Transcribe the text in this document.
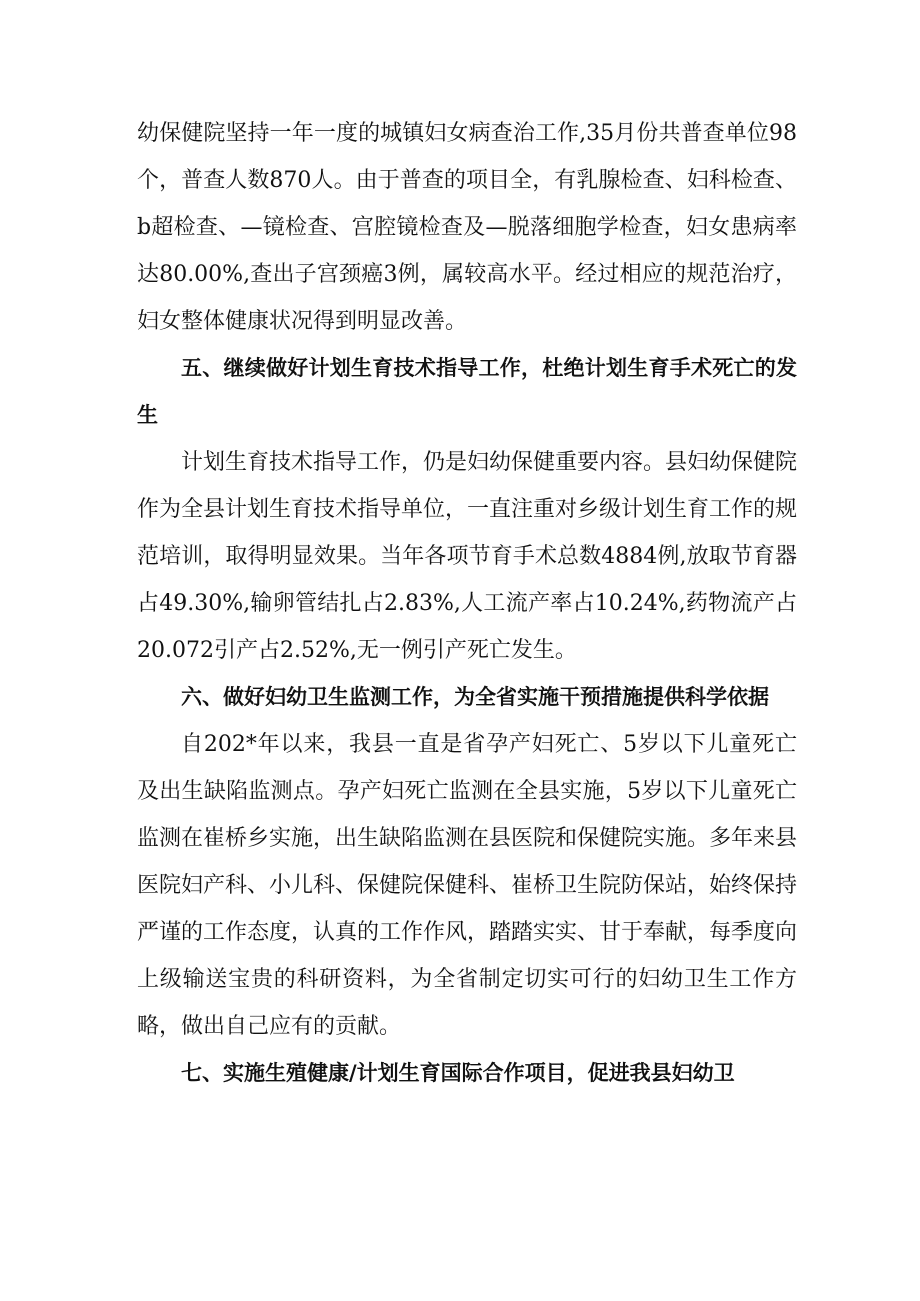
幼保健院坚持一年一度的城镇妇女病查治工作,35月份共普查单位98个，普查人数870人。由于普查的项目全，有乳腺检查、妇科检查、b超检查、—镜检查、宫腔镜检查及—脱落细胞学检查，妇女患病率达80.00%,查出子宫颈癌3例，属较高水平。经过相应的规范治疗，妇女整体健康状况得到明显改善。

五、继续做好计划生育技术指导工作，杜绝计划生育手术死亡的发生

计划生育技术指导工作，仍是妇幼保健重要内容。县妇幼保健院作为全县计划生育技术指导单位，一直注重对乡级计划生育工作的规范培训，取得明显效果。当年各项节育手术总数4884例,放取节育器占49.30%,输卵管结扎占2.83%,人工流产率占10.24%,药物流产占20.072引产占2.52%,无一例引产死亡发生。

六、做好妇幼卫生监测工作，为全省实施干预措施提供科学依据

自202*年以来，我县一直是省孕产妇死亡、5岁以下儿童死亡及出生缺陷监测点。孕产妇死亡监测在全县实施，5岁以下儿童死亡监测在崔桥乡实施，出生缺陷监测在县医院和保健院实施。多年来县医院妇产科、小儿科、保健院保健科、崔桥卫生院防保站，始终保持严谨的工作态度，认真的工作作风，踏踏实实、甘于奉献，每季度向上级输送宝贵的科研资料，为全省制定切实可行的妇幼卫生工作方略，做出自己应有的贡献。

七、实施生殖健康/计划生育国际合作项目，促进我县妇幼卫
